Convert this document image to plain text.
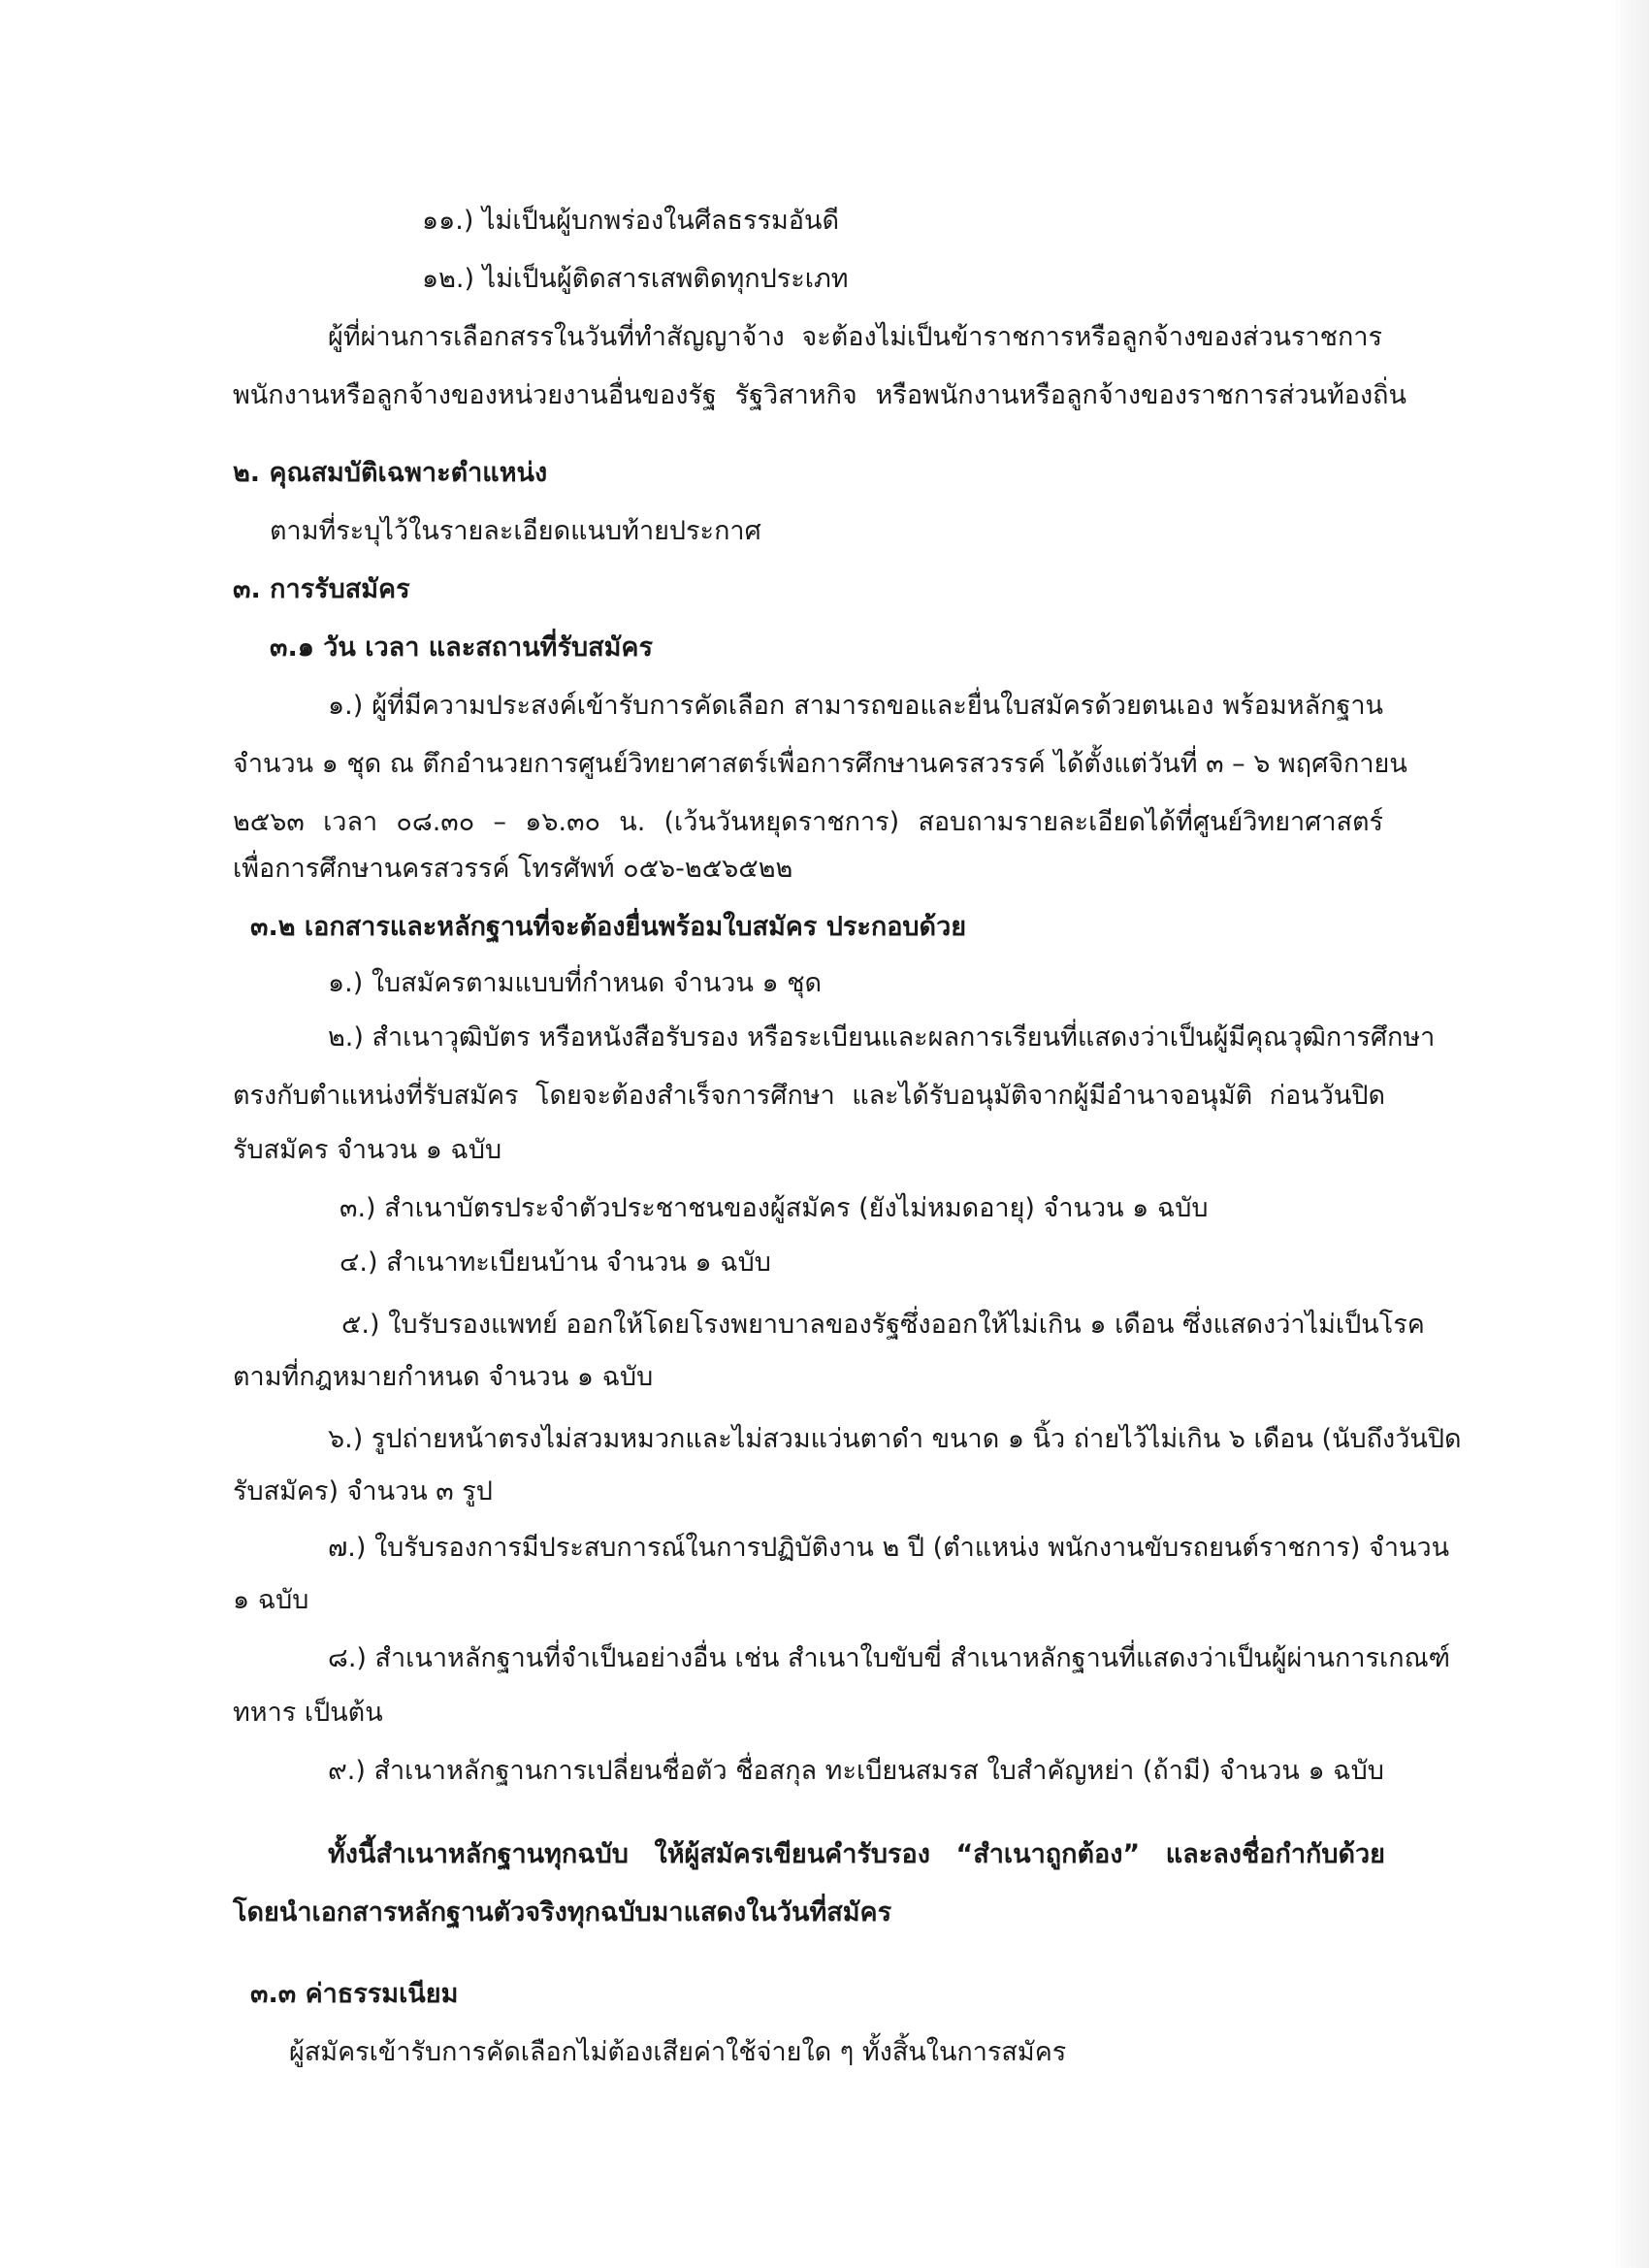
๑๑.) ไม่เป็นผู้บกพร่องในศีลธรรมอันดี
๑๒.) ไม่เป็นผู้ติดสารเสพติดทุกประเภท
ผู้ที่ผ่านการเลือกสรรในวันที่ทำสัญญาจ้าง จะต้องไม่เป็นข้าราชการหรือลูกจ้างของส่วนราชการ
พนักงานหรือลูกจ้างของหน่วยงานอื่นของรัฐ รัฐวิสาหกิจ หรือพนักงานหรือลูกจ้างของราชการส่วนท้องถิ่น
๒. คุณสมบัติเฉพาะตำแหน่ง
ตามที่ระบุไว้ในรายละเอียดแนบท้ายประกาศ
๓. การรับสมัคร
๓.๑ วัน เวลา และสถานที่รับสมัคร
๑.) ผู้ที่มีความประสงค์เข้ารับการคัดเลือก สามารถขอและยื่นใบสมัครด้วยตนเอง พร้อมหลักฐาน
จำนวน ๑ ชุด ณ ตึกอำนวยการศูนย์วิทยาศาสตร์เพื่อการศึกษานครสวรรค์ ได้ตั้งแต่วันที่ ๓ – ๖ พฤศจิกายน
๒๕๖๓ เวลา ๐๘.๓๐ – ๑๖.๓๐ น. (เว้นวันหยุดราชการ) สอบถามรายละเอียดได้ที่ศูนย์วิทยาศาสตร์
เพื่อการศึกษานครสวรรค์ โทรศัพท์ ๐๕๖-๒๕๖๕๒๒
๓.๒ เอกสารและหลักฐานที่จะต้องยื่นพร้อมใบสมัคร ประกอบด้วย
๑.) ใบสมัครตามแบบที่กำหนด จำนวน ๑ ชุด
๒.) สำเนาวุฒิบัตร หรือหนังสือรับรอง หรือระเบียนและผลการเรียนที่แสดงว่าเป็นผู้มีคุณวุฒิการศึกษา
ตรงกับตำแหน่งที่รับสมัคร โดยจะต้องสำเร็จการศึกษา และได้รับอนุมัติจากผู้มีอำนาจอนุมัติ ก่อนวันปิด
รับสมัคร จำนวน ๑ ฉบับ
๓.) สำเนาบัตรประจำตัวประชาชนของผู้สมัคร (ยังไม่หมดอายุ) จำนวน ๑ ฉบับ
๔.) สำเนาทะเบียนบ้าน จำนวน ๑ ฉบับ
๕.) ใบรับรองแพทย์ ออกให้โดยโรงพยาบาลของรัฐซึ่งออกให้ไม่เกิน ๑ เดือน ซึ่งแสดงว่าไม่เป็นโรค
ตามที่กฎหมายกำหนด จำนวน ๑ ฉบับ
๖.) รูปถ่ายหน้าตรงไม่สวมหมวกและไม่สวมแว่นตาดำ ขนาด ๑ นิ้ว ถ่ายไว้ไม่เกิน ๖ เดือน (นับถึงวันปิด
รับสมัคร) จำนวน ๓ รูป
๗.) ใบรับรองการมีประสบการณ์ในการปฏิบัติงาน ๒ ปี (ตำแหน่ง พนักงานขับรถยนต์ราชการ) จำนวน
๑ ฉบับ
๘.) สำเนาหลักฐานที่จำเป็นอย่างอื่น เช่น สำเนาใบขับขี่ สำเนาหลักฐานที่แสดงว่าเป็นผู้ผ่านการเกณฑ์
ทหาร เป็นต้น
๙.) สำเนาหลักฐานการเปลี่ยนชื่อตัว ชื่อสกุล ทะเบียนสมรส ใบสำคัญหย่า (ถ้ามี) จำนวน ๑ ฉบับ
ทั้งนี้สำเนาหลักฐานทุกฉบับ ให้ผู้สมัครเขียนคำรับรอง “สำเนาถูกต้อง” และลงชื่อกำกับด้วย
โดยนำเอกสารหลักฐานตัวจริงทุกฉบับมาแสดงในวันที่สมัคร
๓.๓ ค่าธรรมเนียม
ผู้สมัครเข้ารับการคัดเลือกไม่ต้องเสียค่าใช้จ่ายใด ๆ ทั้งสิ้นในการสมัคร
